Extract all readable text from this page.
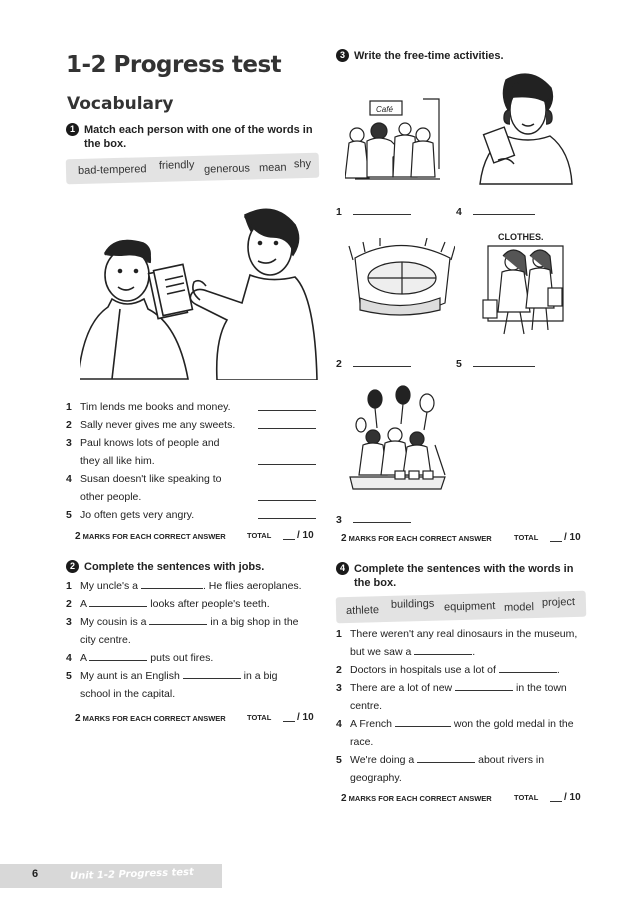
1-2 Progress test
Vocabulary
1 Match each person with one of the words in the box.
bad-tempered friendly generous mean shy
1 Tim lends me books and money.
2 Sally never gives me any sweets.
3 Paul knows lots of people and
they all like him.
4 Susan doesn't like speaking to
other people.
5 Jo often gets very angry.
2 MARKS FOR EACH CORRECT ANSWER	TOTAL	/ 10
2 Complete the sentences with jobs.
1 My uncle's a	. He flies aeroplanes.
2 A	looks after people's teeth.
3 My cousin is a	in a big shop in the
city centre.
4 A	puts out fires.
5 My aunt is an English	in a big
school in the capital.
2 MARKS FOR EACH CORRECT ANSWER	TOTAL	/ 10
3 Write the free-time activities.
Café
1	4
CLOTHES.
2	5
3
2 MARKS FOR EACH CORRECT ANSWER	TOTAL	/ 10
4 Complete the sentences with the words in the box.
athlete buildings equipment model project
1 There weren't any real dinosaurs in the museum,
but we saw a	.
2 Doctors in hospitals use a lot of	.
3 There are a lot of new	in the town
centre.
4 A French	won the gold medal in the
race.
5 We're doing a	about rivers in
geography.
2 MARKS FOR EACH CORRECT ANSWER	TOTAL	/ 10
6	Unit 1-2 Progress test
